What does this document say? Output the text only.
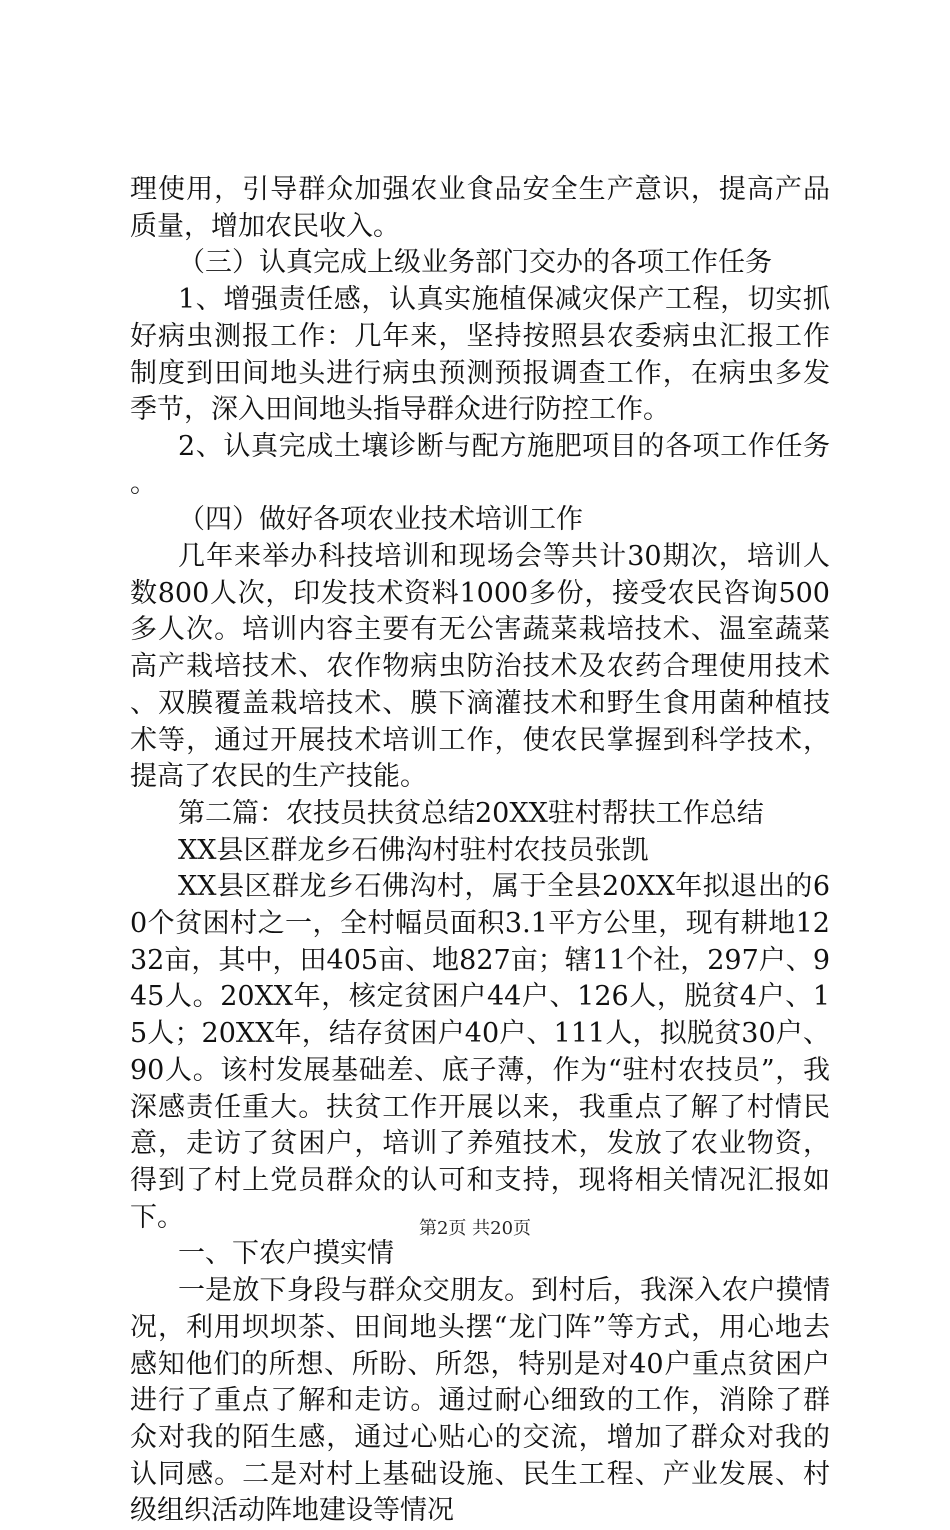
理使用，引导群众加强农业食品安全生产意识，提高产品质量，增加农民收入。

（三）认真完成上级业务部门交办的各项工作任务

1、增强责任感，认真实施植保减灾保产工程，切实抓好病虫测报工作：几年来，坚持按照县农委病虫汇报工作制度到田间地头进行病虫预测预报调查工作，在病虫多发季节，深入田间地头指导群众进行防控工作。

2、认真完成土壤诊断与配方施肥项目的各项工作任务。

（四）做好各项农业技术培训工作

几年来举办科技培训和现场会等共计30期次，培训人数800人次，印发技术资料1000多份，接受农民咨询500多人次。培训内容主要有无公害蔬菜栽培技术、温室蔬菜高产栽培技术、农作物病虫防治技术及农药合理使用技术、双膜覆盖栽培技术、膜下滴灌技术和野生食用菌种植技术等，通过开展技术培训工作，使农民掌握到科学技术，提高了农民的生产技能。

第二篇：农技员扶贫总结20XX驻村帮扶工作总结

XX县区群龙乡石佛沟村驻村农技员张凯

XX县区群龙乡石佛沟村，属于全县20XX年拟退出的60个贫困村之一，全村幅员面积3.1平方公里，现有耕地1232亩，其中，田405亩、地827亩；辖11个社，297户、945人。20XX年，核定贫困户44户、126人，脱贫4户、15人；20XX年，结存贫困户40户、111人，拟脱贫30户、90人。该村发展基础差、底子薄，作为“驻村农技员”，我深感责任重大。扶贫工作开展以来，我重点了解了村情民意，走访了贫困户，培训了养殖技术，发放了农业物资，得到了村上党员群众的认可和支持，现将相关情况汇报如下。

一、下农户摸实情

一是放下身段与群众交朋友。到村后，我深入农户摸情况，利用坝坝茶、田间地头摆“龙门阵”等方式，用心地去感知他们的所想、所盼、所怨，特别是对40户重点贫困户进行了重点了解和走访。通过耐心细致的工作，消除了群众对我的陌生感，通过心贴心的交流，增加了群众对我的认同感。二是对村上基础设施、民生工程、产业发展、村级组织活动阵地建设等情况

第2页 共20页
